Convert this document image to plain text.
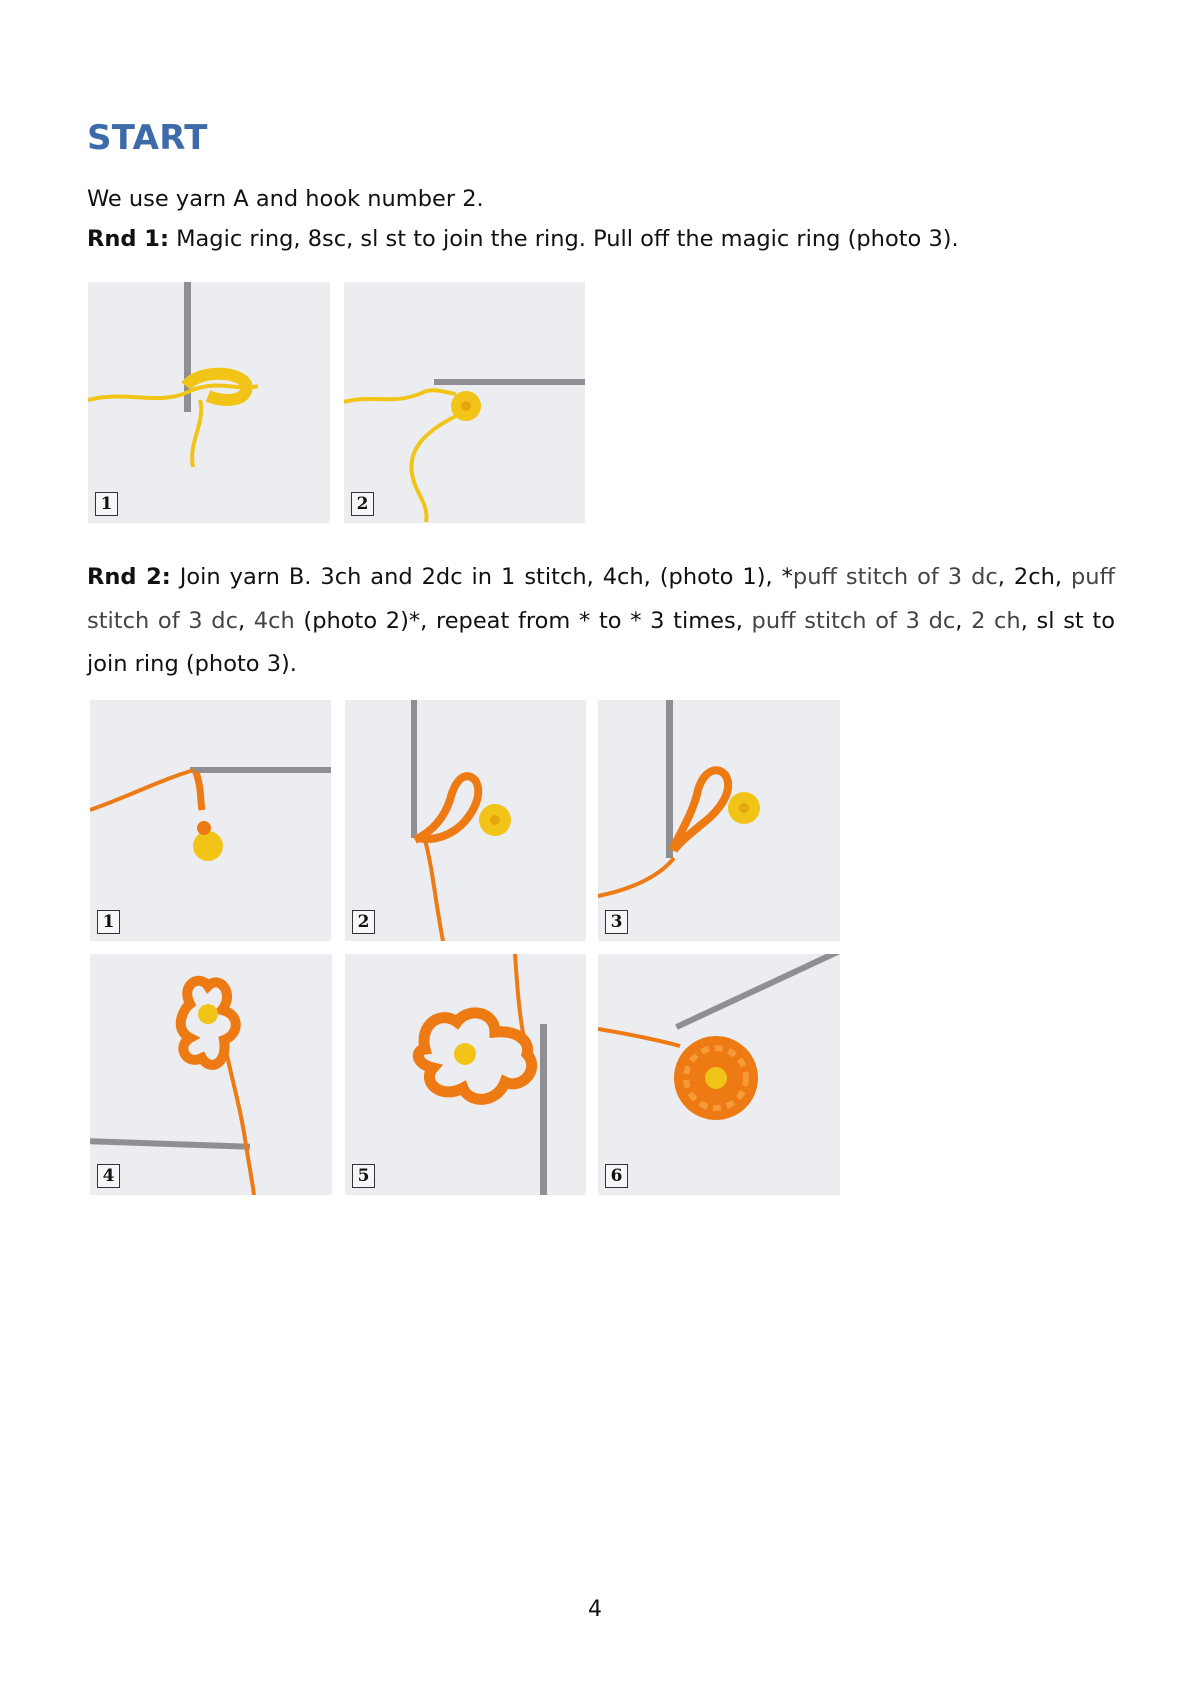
START

We use yarn A and hook number 2.

Rnd 1: Magic ring, 8sc, sl st to join the ring. Pull off the magic ring (photo 3).

1	2

Rnd 2: Join yarn B. 3ch and 2dc in 1 stitch, 4ch, (photo 1), *puff stitch of 3 dc, 2ch, puff stitch of 3 dc, 4ch (photo 2)*, repeat from * to * 3 times, puff stitch of 3 dc, 2 ch, sl st to join ring (photo 3).

1	2	3
4	5	6

4
